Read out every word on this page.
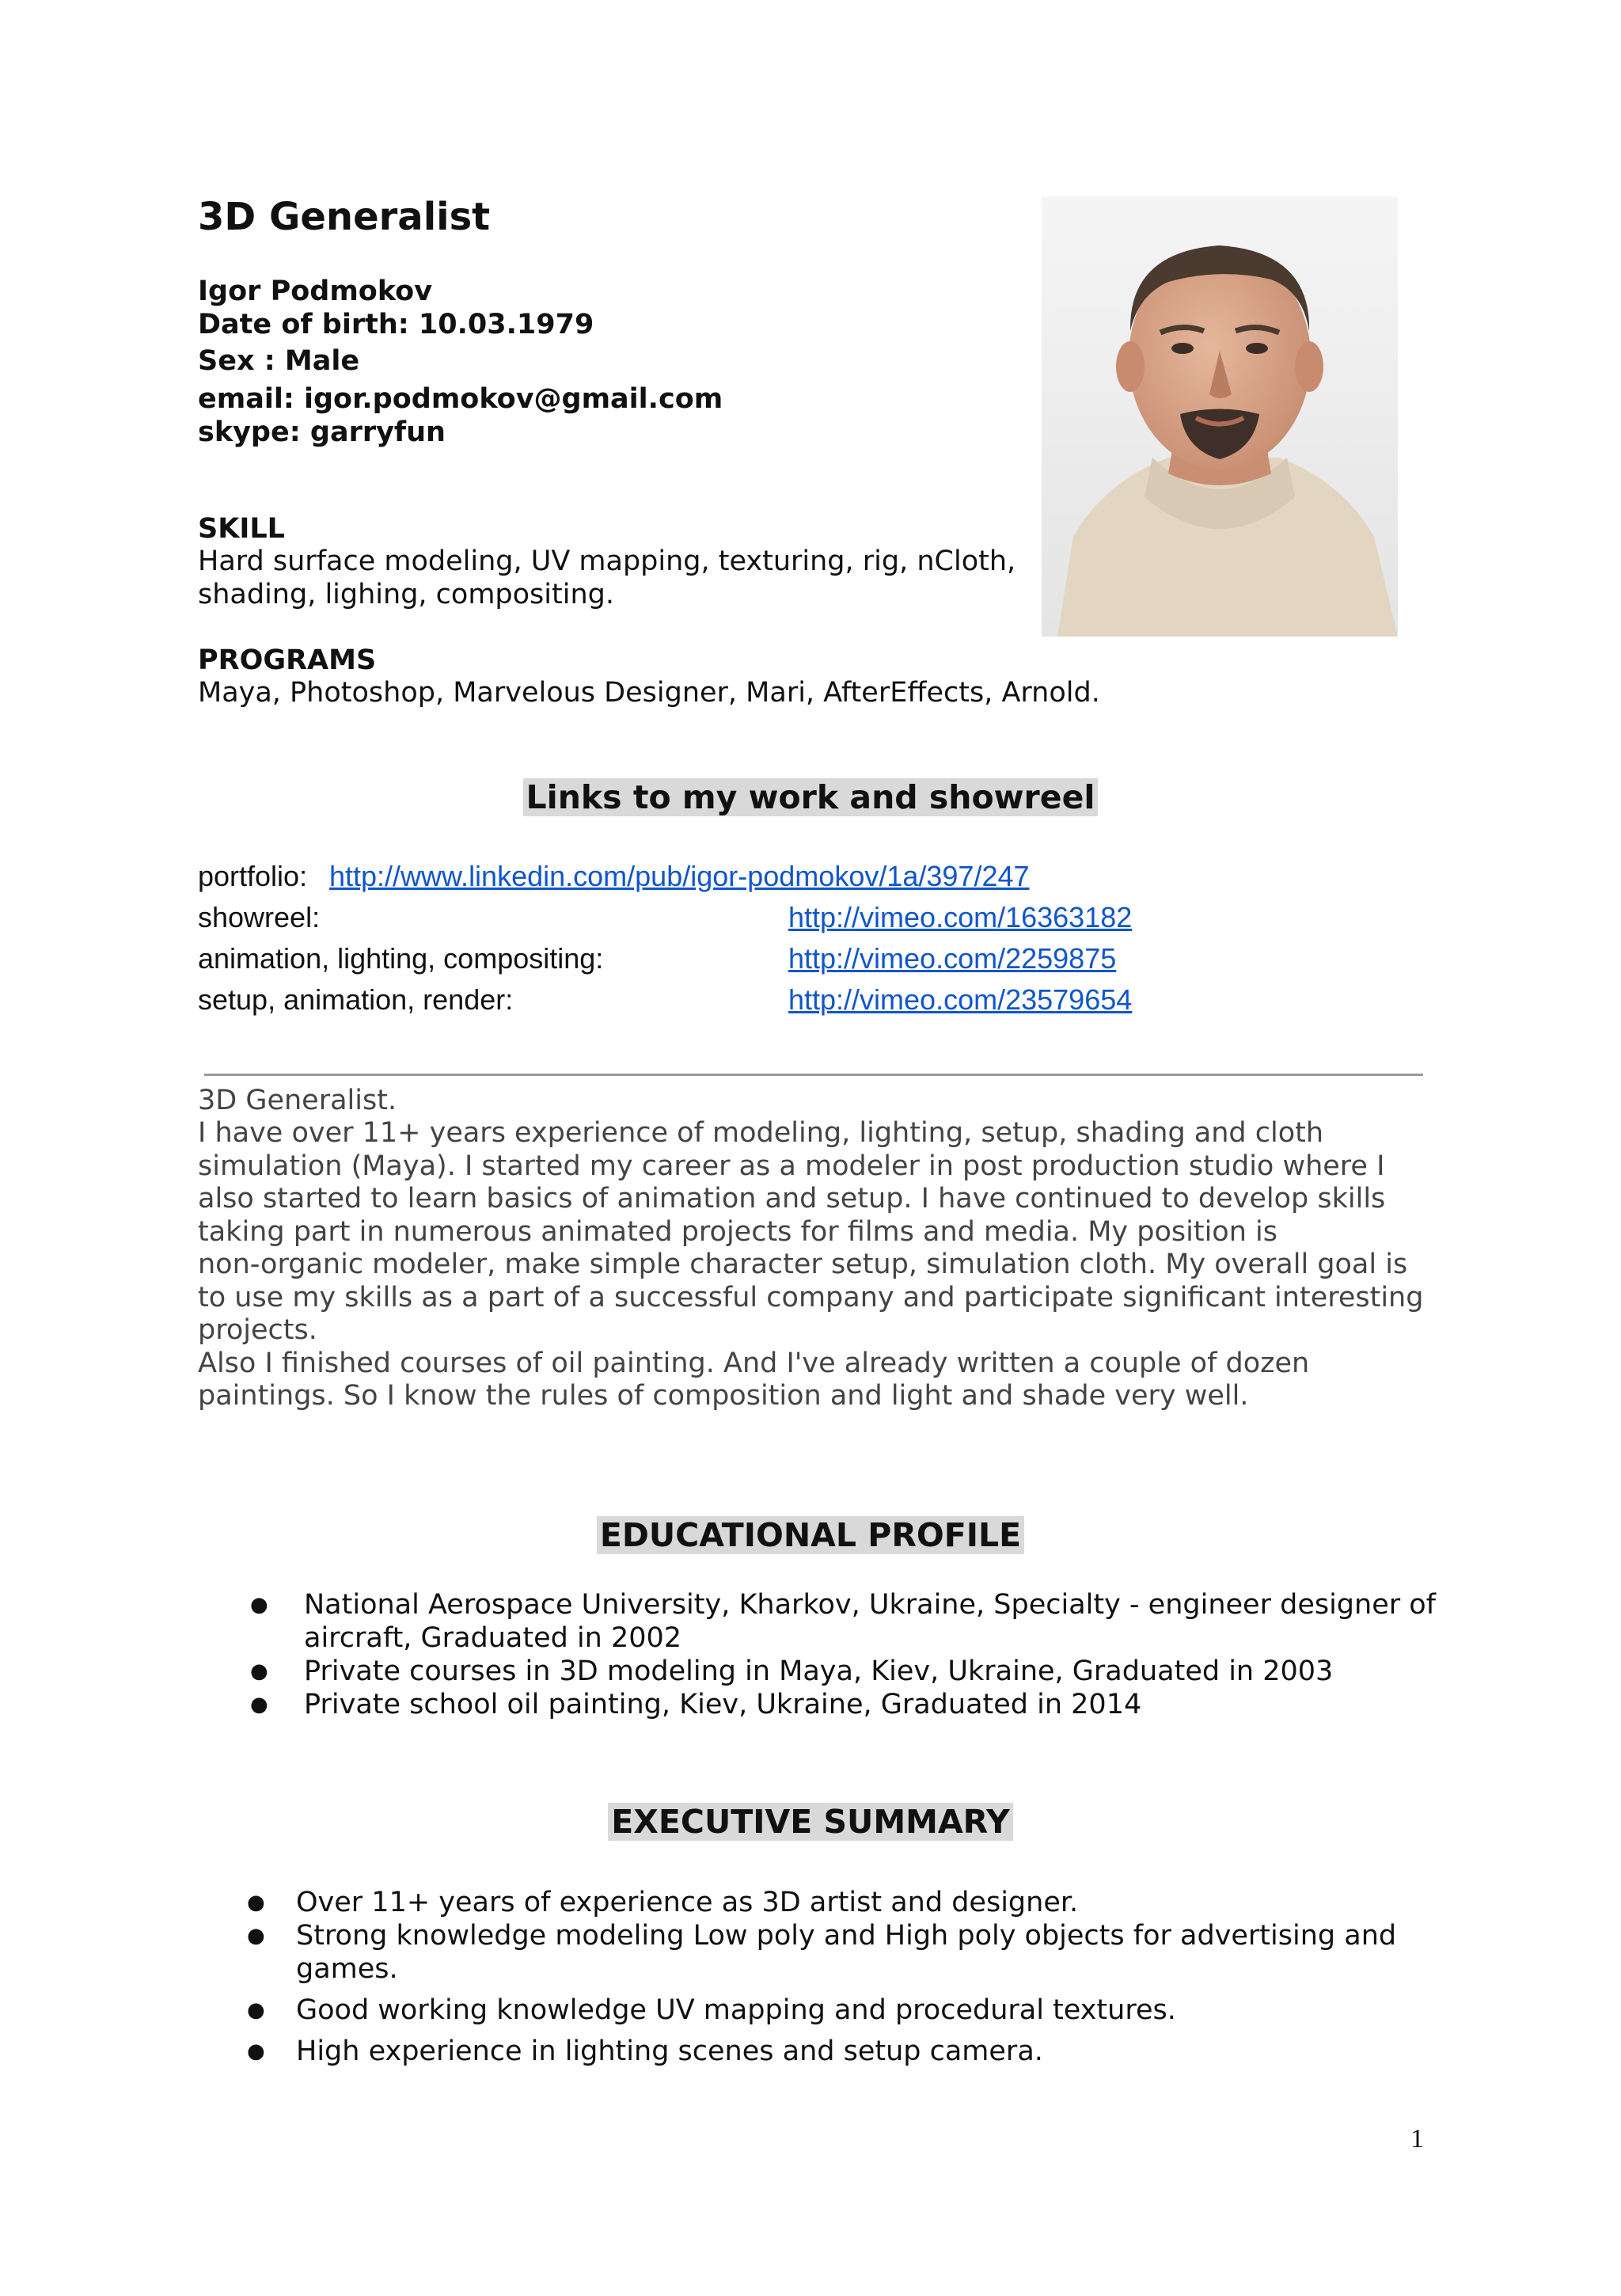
3D Generalist
Igor Podmokov
Date of birth: 10.03.1979
Sex : Male
email: igor.podmokov@gmail.com
skype: garryfun
SKILL
Hard surface modeling, UV mapping, texturing, rig, nCloth,
shading, lighing, compositing.
PROGRAMS
Maya, Photoshop, Marvelous Designer, Mari, AfterEffects, Arnold.
Links to my work and showreel
portfolio: http://www.linkedin.com/pub/igor-podmokov/1a/397/247
showreel:	http://vimeo.com/16363182
animation, lighting, compositing:	http://vimeo.com/2259875
setup, animation, render:	http://vimeo.com/23579654
3D Generalist.
I have over 11+ years experience of modeling, lighting, setup, shading and cloth
simulation (Maya). I started my career as a modeler in post production studio where I
also started to learn basics of animation and setup. I have continued to develop skills
taking part in numerous animated projects for films and media. My position is
non-organic modeler, make simple character setup, simulation cloth. My overall goal is
to use my skills as a part of a successful company and participate significant interesting
projects.
Also I finished courses of oil painting. And I've already written a couple of dozen
paintings. So I know the rules of composition and light and shade very well.
EDUCATIONAL PROFILE
● National Aerospace University, Kharkov, Ukraine, Specialty - engineer designer of
aircraft, Graduated in 2002
● Private courses in 3D modeling in Maya, Kiev, Ukraine, Graduated in 2003
● Private school oil painting, Kiev, Ukraine, Graduated in 2014
EXECUTIVE SUMMARY
● Over 11+ years of experience as 3D artist and designer.
● Strong knowledge modeling Low poly and High poly objects for advertising and
games.
● Good working knowledge UV mapping and procedural textures.
● High experience in lighting scenes and setup camera.
1
